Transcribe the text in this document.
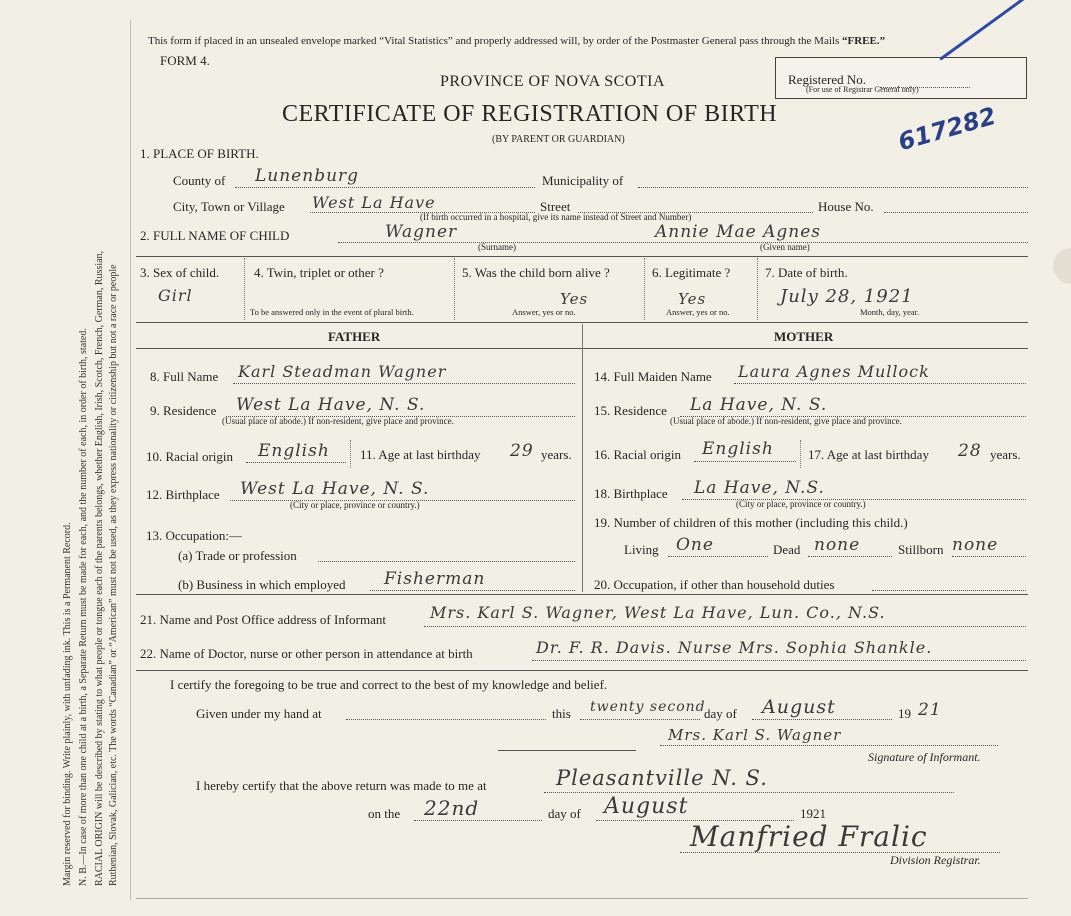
Margin reserved for binding. Write plainly, with unfading ink. This is a Permanent Record. N. B.—In case of more than one child at a birth, a Separate Return must be made for each, and the number of each, in order of birth, stated. RACIAL ORIGIN will be described by stating to what people or tongue each of the parents belongs, whether English, Irish, Scotch, French, German, Russian, Ruthenian, Slovak, Galician, etc. The words “Canadian” or “American” must not be used, as they express nationality or citizenship but not a race or people
This form if placed in an unsealed envelope marked “Vital Statistics” and properly addressed will, by order of the Postmaster General pass through the Mails “FREE.”
FORM 4.
PROVINCE OF NOVA SCOTIA
CERTIFICATE OF REGISTRATION OF BIRTH
(BY PARENT OR GUARDIAN)
Registered No.
(For use of Registrar General only)
617282
1. PLACE OF BIRTH.
County of Lunenburg	Municipality of
City, Town or Village West La Have	Street	House No.
(If birth occurred in a hospital, give its name instead of Street and Number)
2. FULL NAME OF CHILD	Wagner
(Surname)
Annie Mae Agnes
(Given name)
3. Sex of child.
Girl
4. Twin, triplet or other ?
To be answered only in the event of plural birth.
5. Was the child born alive ?
Yes
Answer, yes or no.
6. Legitimate ?
Yes
Answer, yes or no.
7. Date of birth.
July 28, 1921
Month, day, year.
FATHER	MOTHER
8. Full Name Karl Steadman Wagner
9. Residence West La Have, N. S.
(Usual place of abode.) If non-resident, give place and province.
10. Racial origin English 11. Age at last birthday 29 years.
12. Birthplace West La Have, N. S.
(City or place, province or country.)
13. Occupation:—
(a) Trade or profession
(b) Business in which employed Fisherman
14. Full Maiden Name Laura Agnes Mullock
15. Residence La Have, N. S.
(Usual place of abode.) If non-resident, give place and province.
16. Racial origin English	17. Age at last birthday 28 years.
18. Birthplace La Have, N.S.
(City or place, province or country.)
19. Number of children of this mother (including this child.)
Living One	Dead none	Stillborn none
20. Occupation, if other than household duties
21. Name and Post Office address of Informant	Mrs. Karl S. Wagner, West La Have, Lun. Co., N.S.
22. Name of Doctor, nurse or other person in attendance at birth	Dr. F. R. Davis. Nurse Mrs. Sophia Shankle.
I certify the foregoing to be true and correct to the best of my knowledge and belief.
Given under my hand at	this twenty second
day of August	19 21
Mrs. Karl S. Wagner
Signature of Informant.
I hereby certify that the above return was made to me at	Pleasantville N. S.
on the 22nd	day of August	1921
Manfried Fralic
Division Registrar.
